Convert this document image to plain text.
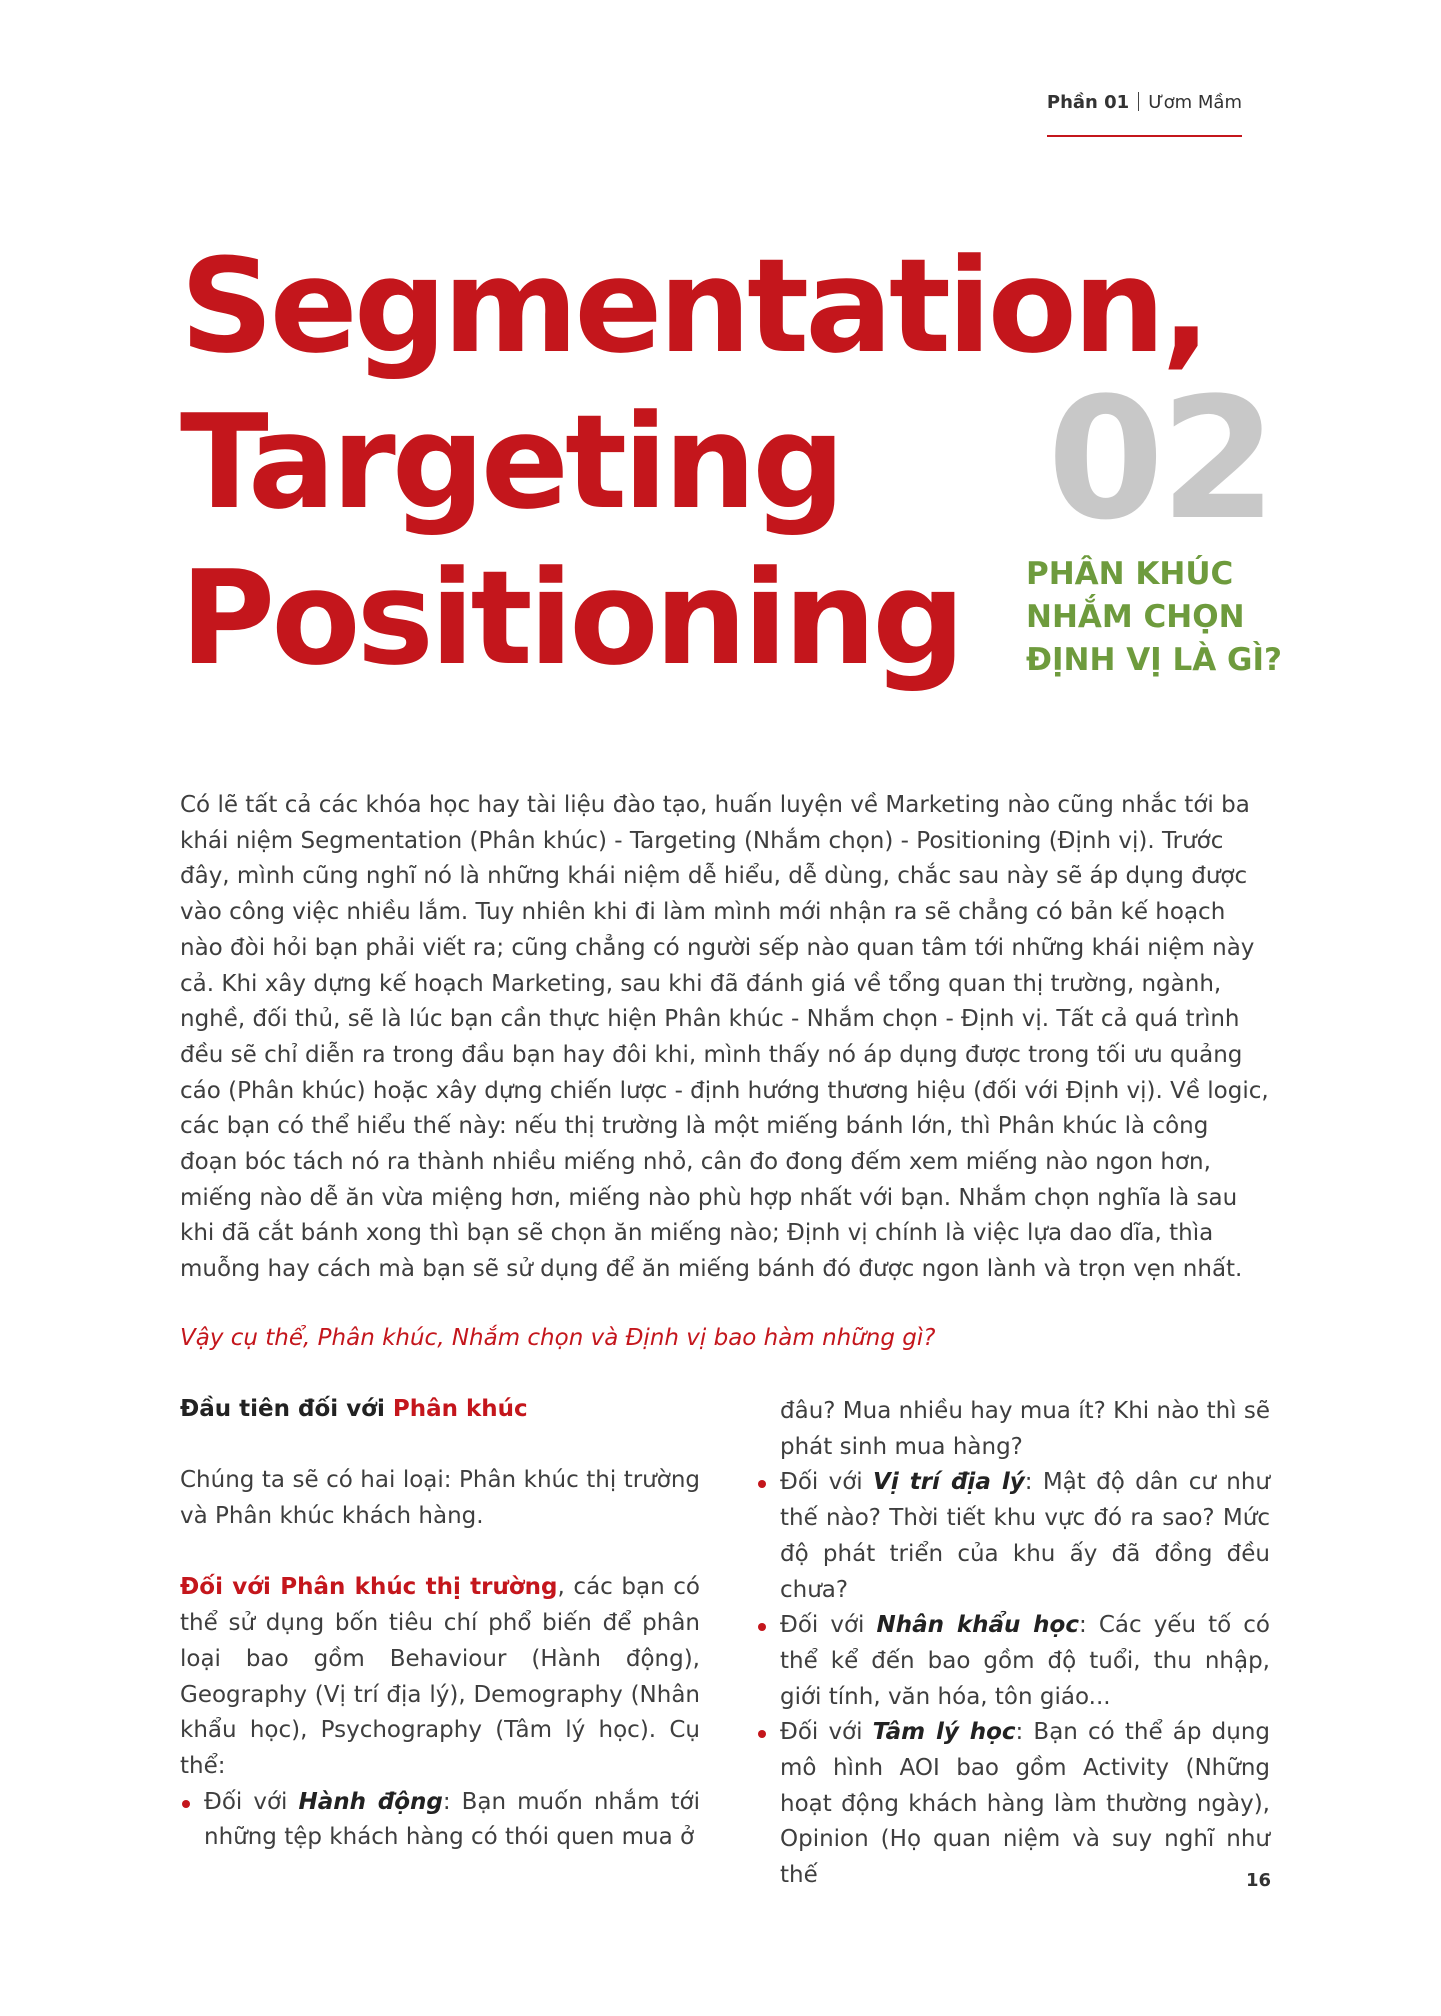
Phần 01 Ươm Mầm
Segmentation,
Targeting
Positioning
02
PHÂN KHÚC
NHẮM CHỌN
ĐỊNH VỊ LÀ GÌ?

Có lẽ tất cả các khóa học hay tài liệu đào tạo, huấn luyện về Marketing nào cũng nhắc tới ba khái niệm Segmentation (Phân khúc) - Targeting (Nhắm chọn) - Positioning (Định vị). Trước đây, mình cũng nghĩ nó là những khái niệm dễ hiểu, dễ dùng, chắc sau này sẽ áp dụng được vào công việc nhiều lắm. Tuy nhiên khi đi làm mình mới nhận ra sẽ chẳng có bản kế hoạch nào đòi hỏi bạn phải viết ra; cũng chẳng có người sếp nào quan tâm tới những khái niệm này cả. Khi xây dựng kế hoạch Marketing, sau khi đã đánh giá về tổng quan thị trường, ngành, nghề, đối thủ, sẽ là lúc bạn cần thực hiện Phân khúc - Nhắm chọn - Định vị. Tất cả quá trình đều sẽ chỉ diễn ra trong đầu bạn hay đôi khi, mình thấy nó áp dụng được trong tối ưu quảng cáo (Phân khúc) hoặc xây dựng chiến lược - định hướng thương hiệu (đối với Định vị). Về logic, các bạn có thể hiểu thế này: nếu thị trường là một miếng bánh lớn, thì Phân khúc là công đoạn bóc tách nó ra thành nhiều miếng nhỏ, cân đo đong đếm xem miếng nào ngon hơn, miếng nào dễ ăn vừa miệng hơn, miếng nào phù hợp nhất với bạn. Nhắm chọn nghĩa là sau khi đã cắt bánh xong thì bạn sẽ chọn ăn miếng nào; Định vị chính là việc lựa dao dĩa, thìa muỗng hay cách mà bạn sẽ sử dụng để ăn miếng bánh đó được ngon lành và trọn vẹn nhất.

Vậy cụ thể, Phân khúc, Nhắm chọn và Định vị bao hàm những gì?

Đầu tiên đối với Phân khúc

Chúng ta sẽ có hai loại: Phân khúc thị trường và Phân khúc khách hàng.

Đối với Phân khúc thị trường, các bạn có thể sử dụng bốn tiêu chí phổ biến để phân loại bao gồm Behaviour (Hành động), Geography (Vị trí địa lý), Demography (Nhân khẩu học), Psychography (Tâm lý học). Cụ thể:

Đối với Hành động: Bạn muốn nhắm tới những tệp khách hàng có thói quen mua ở

đâu? Mua nhiều hay mua ít? Khi nào thì sẽ phát sinh mua hàng?

Đối với Vị trí địa lý: Mật độ dân cư như thế nào? Thời tiết khu vực đó ra sao? Mức độ phát triển của khu ấy đã đồng đều chưa?
Đối với Nhân khẩu học: Các yếu tố có thể kể đến bao gồm độ tuổi, thu nhập, giới tính, văn hóa, tôn giáo...
Đối với Tâm lý học: Bạn có thể áp dụng mô hình AOI bao gồm Activity (Những hoạt động khách hàng làm thường ngày), Opinion (Họ quan niệm và suy nghĩ như thế	16
